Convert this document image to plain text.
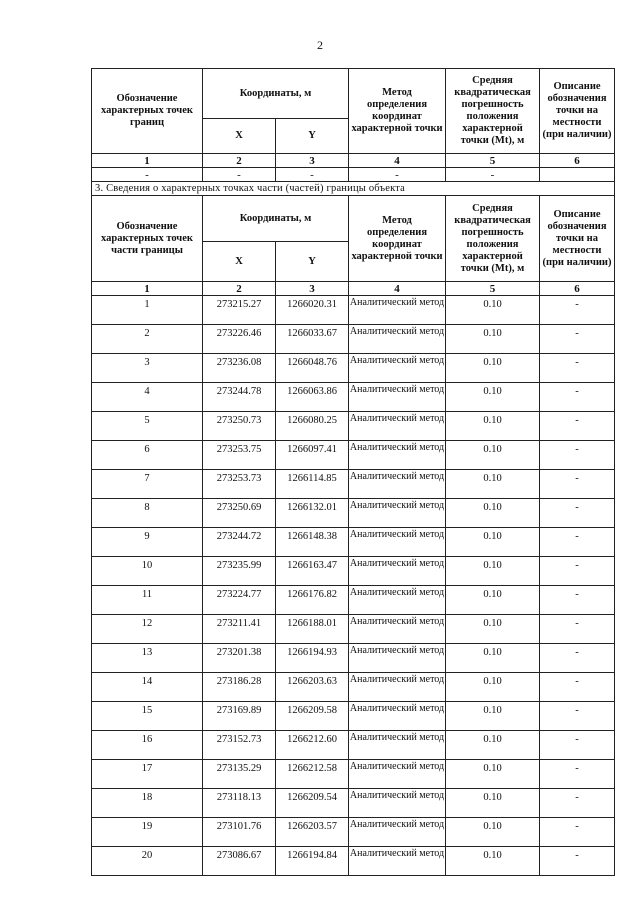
2
Обозначение характерных точек границ	Координаты, м		Метод определения координат характерной точки	Средняя квадратическая погрешность положения характерной точки (Mt), м	Описание обозначения точки на местности (при наличии)
	X	Y			
1	2	3	4	5	6
-	-	-	-	-	
3. Сведения о характерных точках части (частей) границы объекта					
Обозначение характерных точек части границы	Координаты, м		Метод определения координат характерной точки	Средняя квадратическая погрешность положения характерной точки (Mt), м	Описание обозначения точки на местности (при наличии)
	X	Y			
1	2	3	4	5	6
1	273215.27	1266020.31	Аналитический метод	0.10	-
2	273226.46	1266033.67	Аналитический метод	0.10	-
3	273236.08	1266048.76	Аналитический метод	0.10	-
4	273244.78	1266063.86	Аналитический метод	0.10	-
5	273250.73	1266080.25	Аналитический метод	0.10	-
6	273253.75	1266097.41	Аналитический метод	0.10	-
7	273253.73	1266114.85	Аналитический метод	0.10	-
8	273250.69	1266132.01	Аналитический метод	0.10	-
9	273244.72	1266148.38	Аналитический метод	0.10	-
10	273235.99	1266163.47	Аналитический метод	0.10	-
11	273224.77	1266176.82	Аналитический метод	0.10	-
12	273211.41	1266188.01	Аналитический метод	0.10	-
13	273201.38	1266194.93	Аналитический метод	0.10	-
14	273186.28	1266203.63	Аналитический метод	0.10	-
15	273169.89	1266209.58	Аналитический метод	0.10	-
16	273152.73	1266212.60	Аналитический метод	0.10	-
17	273135.29	1266212.58	Аналитический метод	0.10	-
18	273118.13	1266209.54	Аналитический метод	0.10	-
19	273101.76	1266203.57	Аналитический метод	0.10	-
20	273086.67	1266194.84	Аналитический метод	0.10	-
